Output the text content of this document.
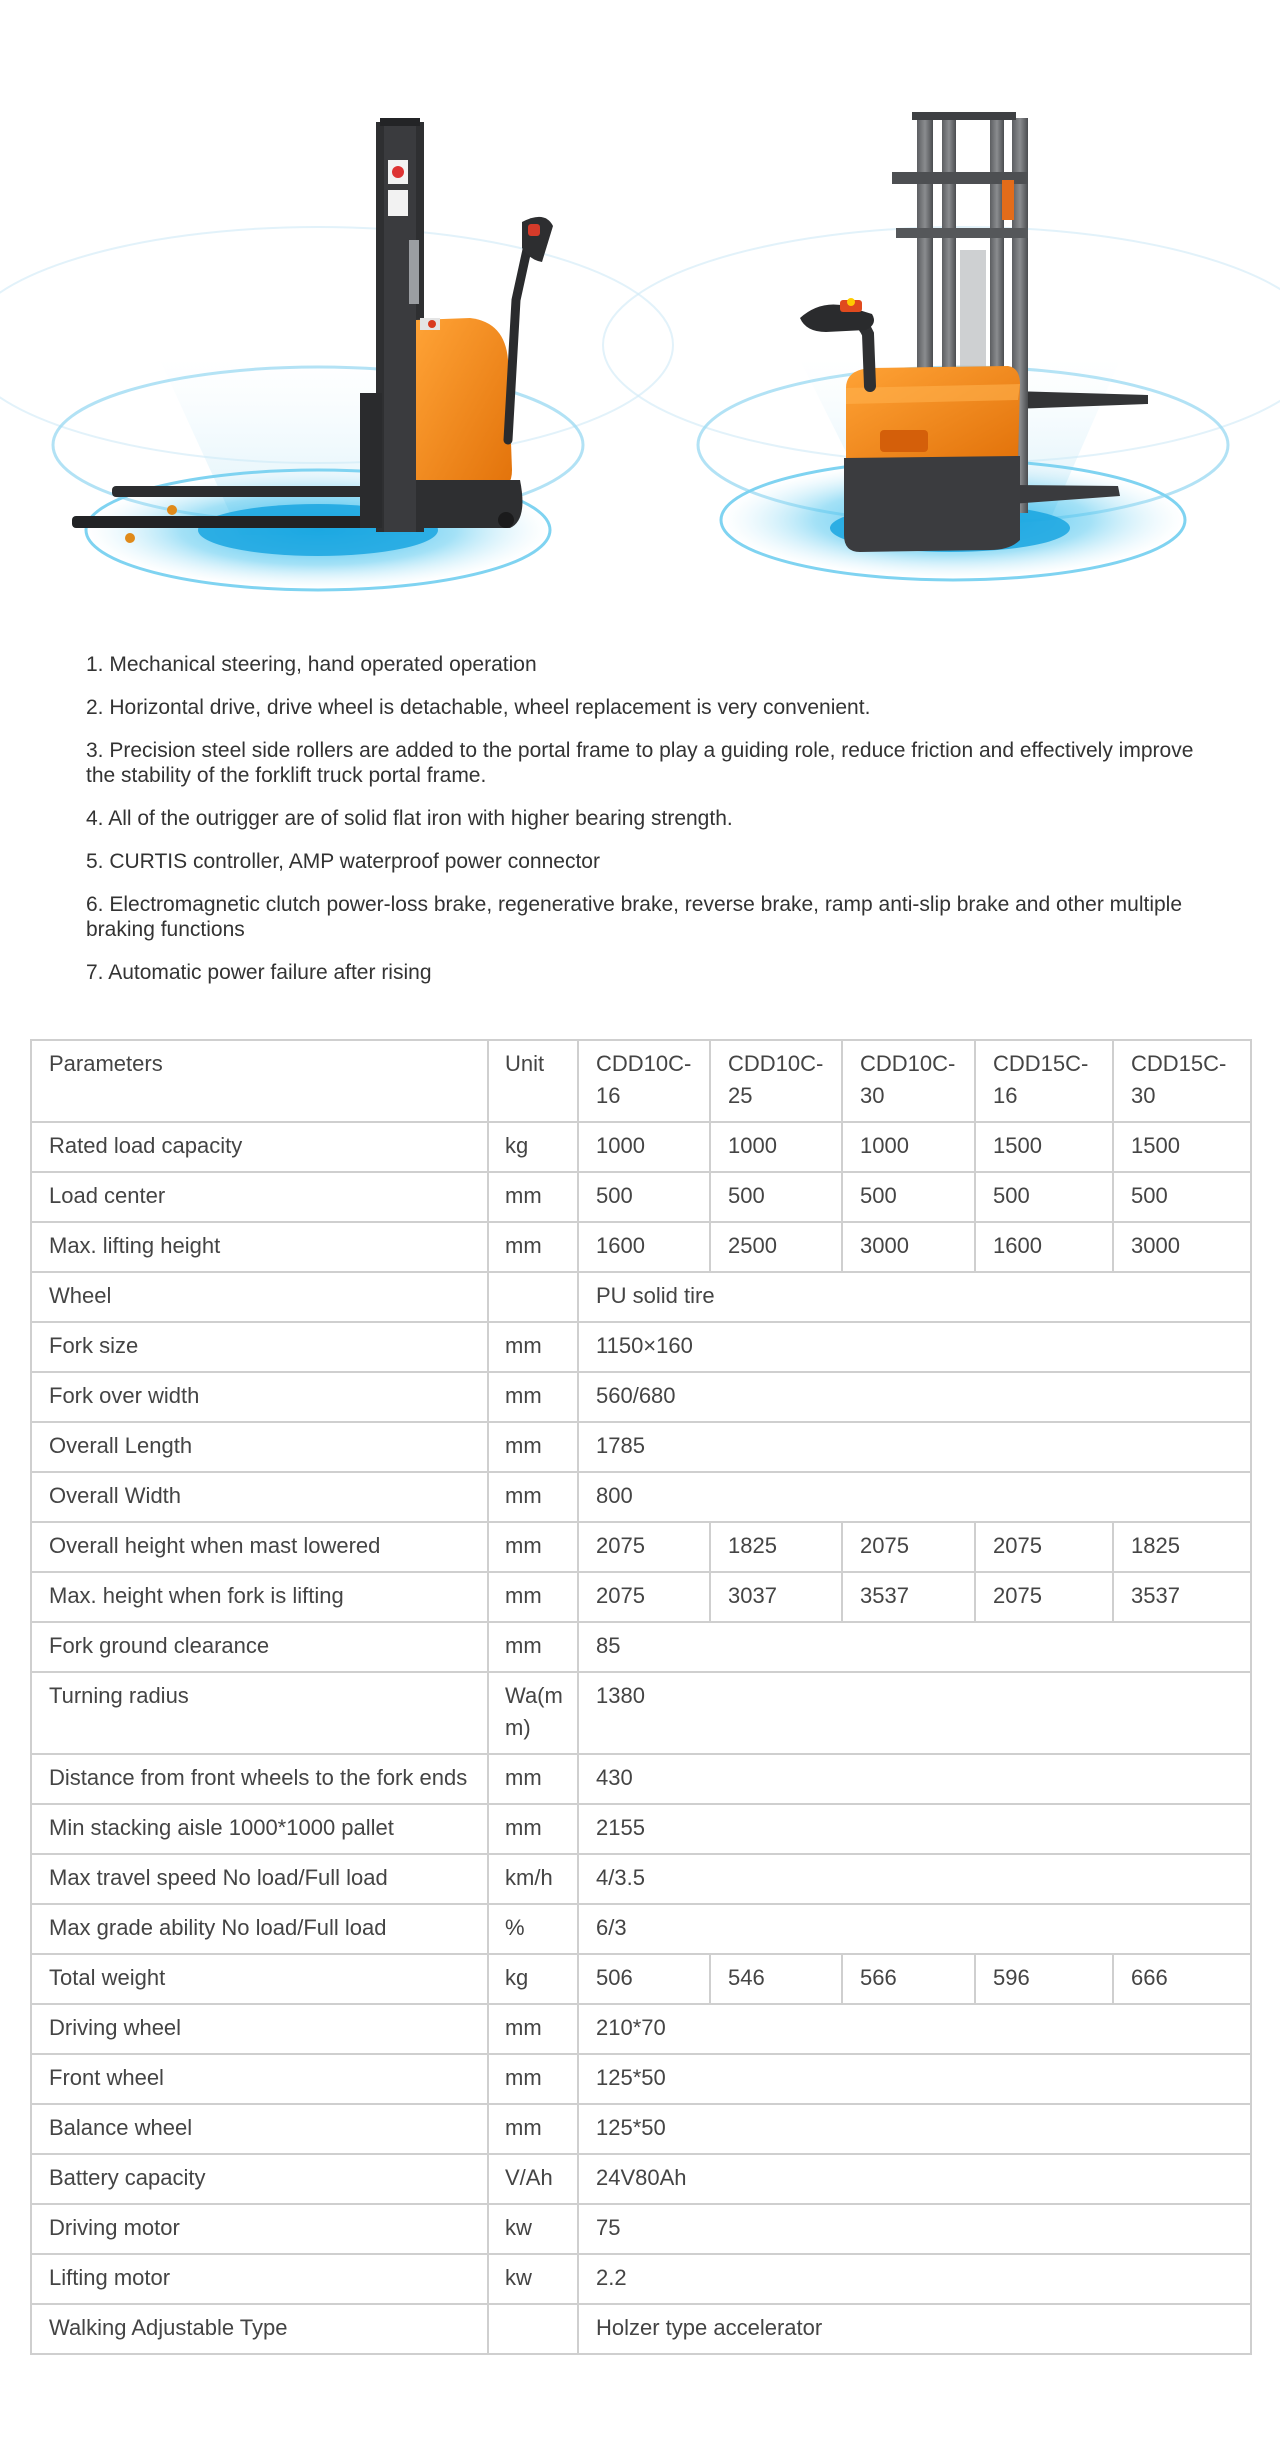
1. Mechanical steering, hand operated operation
2. Horizontal drive, drive wheel is detachable, wheel replacement is very convenient.
3. Precision steel side rollers are added to the portal frame to play a guiding role, reduce friction and effectively improve the stability of the forklift truck portal frame.
4. All of the outrigger are of solid flat iron with higher bearing strength.
5. CURTIS controller, AMP waterproof power connector
6. Electromagnetic clutch power-loss brake, regenerative brake, reverse brake, ramp anti-slip brake and other multiple braking functions
7. Automatic power failure after rising
Parameters	Unit	CDD10C-16	CDD10C-25	CDD10C-30	CDD15C-16	CDD15C-30
Rated load capacity	kg	1000	1000	1000	1500	1500
Load center	mm	500	500	500	500	500
Max. lifting height	mm	1600	2500	3000	1600	3000
Wheel		PU solid tire				
Fork size	mm	1150×160				
Fork over width	mm	560/680				
Overall Length	mm	1785				
Overall Width	mm	800				
Overall height when mast lowered	mm	2075	1825	2075	2075	1825
Max. height when fork is lifting	mm	2075	3037	3537	2075	3537
Fork ground clearance	mm	85				
Turning radius	Wa(mm)	1380				
Distance from front wheels to the fork ends	mm	430				
Min stacking aisle 1000*1000 pallet	mm	2155				
Max travel speed No load/Full load	km/h	4/3.5				
Max grade ability No load/Full load	%	6/3				
Total weight	kg	506	546	566	596	666
Driving wheel	mm	210*70				
Front wheel	mm	125*50				
Balance wheel	mm	125*50				
Battery capacity	V/Ah	24V80Ah				
Driving motor	kw	75				
Lifting motor	kw	2.2				
Walking Adjustable Type		Holzer type accelerator				
